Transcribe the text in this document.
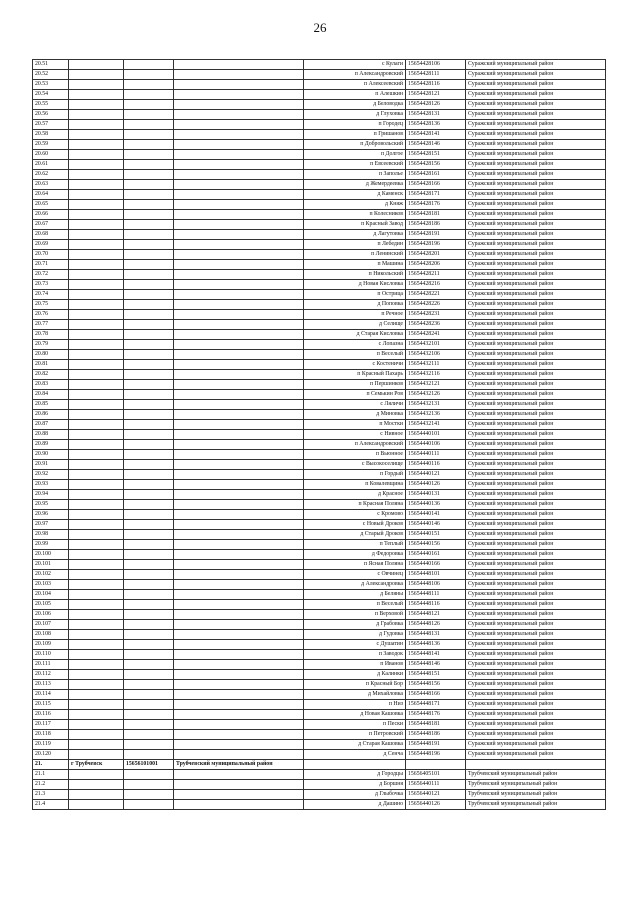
26
20.51				с Кулаги	15654428106	Суражский муниципальный район
20.52				п Александровский	15654428111	Суражский муниципальный район
20.53				п Алексеевский	15654428116	Суражский муниципальный район
20.54				п Алешкин	15654428121	Суражский муниципальный район
20.55				д Беловодка	15654428126	Суражский муниципальный район
20.56				д Глуховка	15654428131	Суражский муниципальный район
20.57				п Городец	15654428136	Суражский муниципальный район
20.58				п Гришанов	15654428141	Суражский муниципальный район
20.59				п Добровольский	15654428146	Суражский муниципальный район
20.60				п Долгое	15654428151	Суражский муниципальный район
20.61				п Евсеевский	15654428156	Суражский муниципальный район
20.62				п Заполье	15654428161	Суражский муниципальный район
20.63				д Жемердеевка	15654428166	Суражский муниципальный район
20.64				д Каменск	15654428171	Суражский муниципальный район
20.65				д Княж	15654428176	Суражский муниципальный район
20.66				п Колесников	15654428181	Суражский муниципальный район
20.67				п Красный Завод	15654428186	Суражский муниципальный район
20.68				д Лагутовка	15654428191	Суражский муниципальный район
20.69				п Лебедин	15654428196	Суражский муниципальный район
20.70				п Ленинский	15654428201	Суражский муниципальный район
20.71				п Машина	15654428206	Суражский муниципальный район
20.72				п Никольский	15654428211	Суражский муниципальный район
20.73				д Новая Кисловка	15654428216	Суражский муниципальный район
20.74				п Острица	15654428221	Суражский муниципальный район
20.75				д Поповка	15654428226	Суражский муниципальный район
20.76				п Речное	15654428231	Суражский муниципальный район
20.77				д Селище	15654428236	Суражский муниципальный район
20.78				д Старая Кисловка	15654428241	Суражский муниципальный район
20.79				с Лопазна	15654432101	Суражский муниципальный район
20.80				п Веселый	15654432106	Суражский муниципальный район
20.81				с Костеничи	15654432111	Суражский муниципальный район
20.82				п Красный Пахарь	15654432116	Суражский муниципальный район
20.83				п Першинков	15654432121	Суражский муниципальный район
20.84				п Семькин Ров	15654432126	Суражский муниципальный район
20.85				с Ляличи	15654432131	Суражский муниципальный район
20.86				д Миновка	15654432136	Суражский муниципальный район
20.87				п Мостки	15654432141	Суражский муниципальный район
20.88				с Нивное	15654440101	Суражский муниципальный район
20.89				п Александровский	15654440106	Суражский муниципальный район
20.90				п Вьюнное	15654440111	Суражский муниципальный район
20.91				с Высокоселище	15654440116	Суражский муниципальный район
20.92				п Гордый	15654440121	Суражский муниципальный район
20.93				п Ковалевщина	15654440126	Суражский муниципальный район
20.94				д Красное	15654440131	Суражский муниципальный район
20.95				п Красная Поляна	15654440136	Суражский муниципальный район
20.96				с Кромово	15654440141	Суражский муниципальный район
20.97				с Новый Дроков	15654440146	Суражский муниципальный район
20.98				д Старый Дроков	15654440151	Суражский муниципальный район
20.99				п Теплый	15654440156	Суражский муниципальный район
20.100				д Федоровка	15654440161	Суражский муниципальный район
20.101				п Ясная Поляна	15654440166	Суражский муниципальный район
20.102				с Овчинец	15654448101	Суражский муниципальный район
20.103				д Александровка	15654448106	Суражский муниципальный район
20.104				д Беляны	15654448111	Суражский муниципальный район
20.105				п Веселый	15654448116	Суражский муниципальный район
20.106				п Верховой	15654448121	Суражский муниципальный район
20.107				д Грабовка	15654448126	Суражский муниципальный район
20.108				д Гудовка	15654448131	Суражский муниципальный район
20.109				с Душатин	15654448136	Суражский муниципальный район
20.110				п Заводок	15654448141	Суражский муниципальный район
20.111				п Иванов	15654448146	Суражский муниципальный район
20.112				д Калинки	15654448151	Суражский муниципальный район
20.113				п Красный Бор	15654448156	Суражский муниципальный район
20.114				д Михайловка	15654448166	Суражский муниципальный район
20.115				п Низ	15654448171	Суражский муниципальный район
20.116				д Новая Кашовка	15654448176	Суражский муниципальный район
20.117				п Пески	15654448181	Суражский муниципальный район
20.118				п Петровский	15654448186	Суражский муниципальный район
20.119				д Старая Кашовка	15654448191	Суражский муниципальный район
20.120				д Сенча	15654448196	Суражский муниципальный район
21.	г Трубчевск	15656101001	Трубчевский муниципальный район			
21.1				д Городцы	15656405101	Трубчевский муниципальный район
21.2				д Боршня	15656440111	Трубчевский муниципальный район
21.3				д Глыбочка	15656440121	Трубчевский муниципальный район
21.4				д Дашино	15656440126	Трубчевский муниципальный район
